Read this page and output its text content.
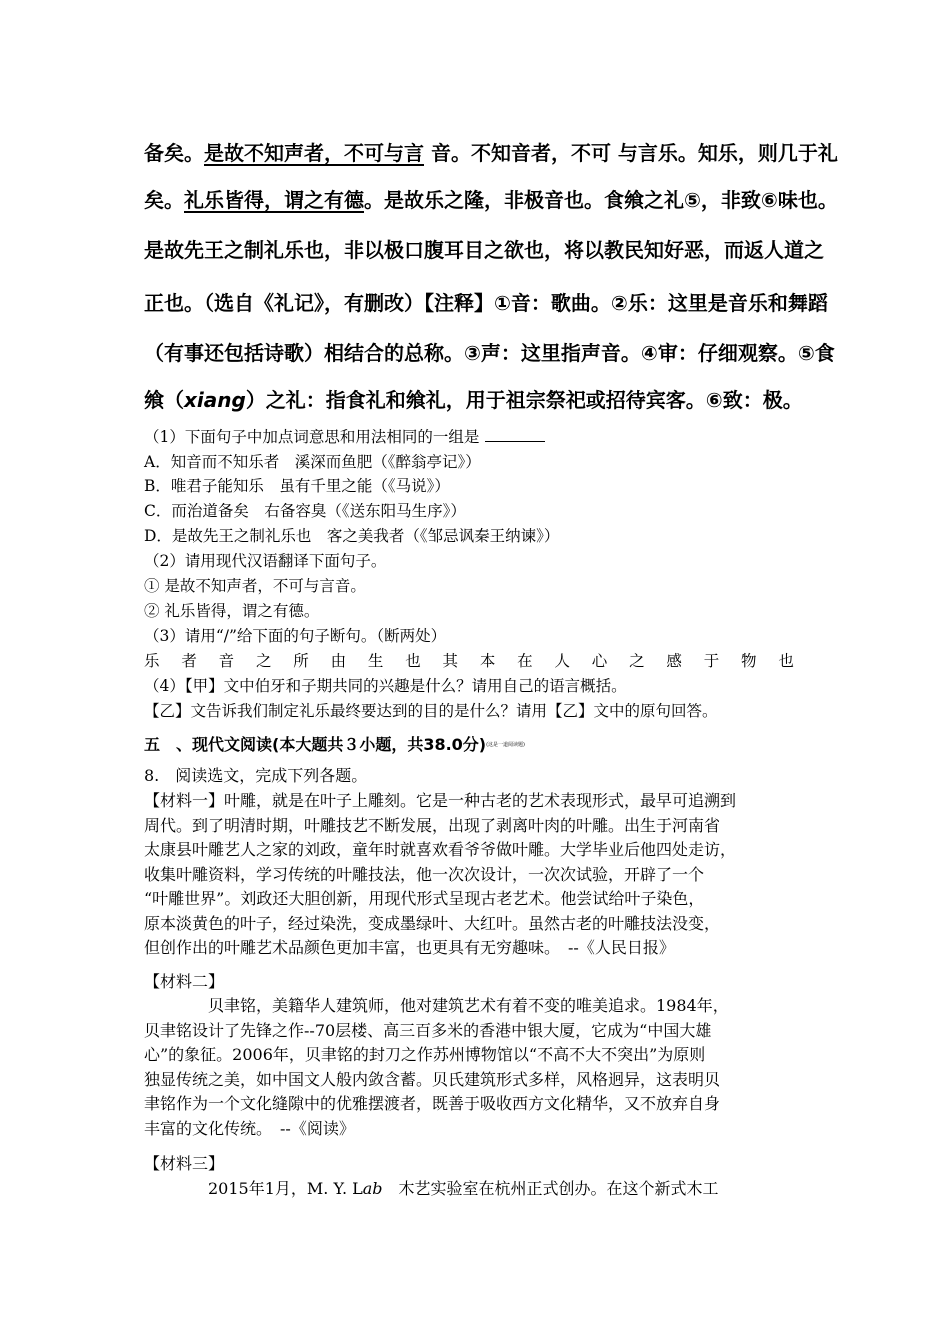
备矣。是故不知声者，不可与言 音。不知音者，不可 与言乐。知乐，则几于礼
矣。礼乐皆得，谓之有德。是故乐之隆，非极音也。食飨之礼⑤，非致⑥味也。
是故先王之制礼乐也，非以极口腹耳目之欲也，将以教民知好恶，而返人道之
正也。（选自《礼记》，有删改）【注释】①音：歌曲。②乐：这里是音乐和舞蹈
（有事还包括诗歌）相结合的总称。③声：这里指声音。④审：仔细观察。⑤食
飨（xiang）之礼：指食礼和飨礼，用于祖宗祭祀或招待宾客。⑥致：极。
（1）下面句子中加点词意思和用法相同的一组是
A．知音而不知乐者　溪深而鱼肥（《醉翁亭记》）
B．唯君子能知乐　虽有千里之能（《马说》）
C．而治道备矣　右备容臭（《送东阳马生序》）
D．是故先王之制礼乐也　客之美我者（《邹忌讽秦王纳谏》）
（2）请用现代汉语翻译下面句子。
① 是故不知声者，不可与言音。
② 礼乐皆得，谓之有德。
（3）请用“/”给下面的句子断句。（断两处）
乐 者 音 之 所 由 生 也 其 本 在 人 心 之 感 于 物 也
（4）【甲】文中伯牙和子期共同的兴趣是什么？请用自己的语言概括。
【乙】文告诉我们制定礼乐最终要达到的目的是什么？请用【乙】文中的原句回答。
五　、现代文阅读(本大题共３小题，共38.0分)$^{(这是一道阅读题)}$
8.　阅读选文，完成下列各题。
【材料一】叶雕，就是在叶子上雕刻。它是一种古老的艺术表现形式，最早可追溯到
周代。到了明清时期，叶雕技艺不断发展，出现了剥离叶肉的叶雕。出生于河南省
太康县叶雕艺人之家的刘政，童年时就喜欢看爷爷做叶雕。大学毕业后他四处走访，
收集叶雕资料，学习传统的叶雕技法，他一次次设计，一次次试验，开辟了一个
“叶雕世界”。刘政还大胆创新，用现代形式呈现古老艺术。他尝试给叶子染色，
原本淡黄色的叶子，经过染洗，变成墨绿叶、大红叶。虽然古老的叶雕技法没变，
但创作出的叶雕艺术品颜色更加丰富，也更具有无穷趣味。　--《人民日报》
【材料二】
　　　　贝聿铭，美籍华人建筑师，他对建筑艺术有着不变的唯美追求。1984年，
贝聿铭设计了先锋之作--70层楼、高三百多米的香港中银大厦，它成为“中国大雄
心”的象征。2006年，贝聿铭的封刀之作苏州博物馆以“不高不大不突出”为原则
独显传统之美，如中国文人般内敛含蓄。贝氏建筑形式多样，风格迥异，这表明贝
聿铭作为一个文化缝隙中的优雅摆渡者，既善于吸收西方文化精华，又不放弃自身
丰富的文化传统。　--《阅读》
【材料三】
　　　　2015年1月，M. Y. Lab　木艺实验室在杭州正式创办。在这个新式木工
